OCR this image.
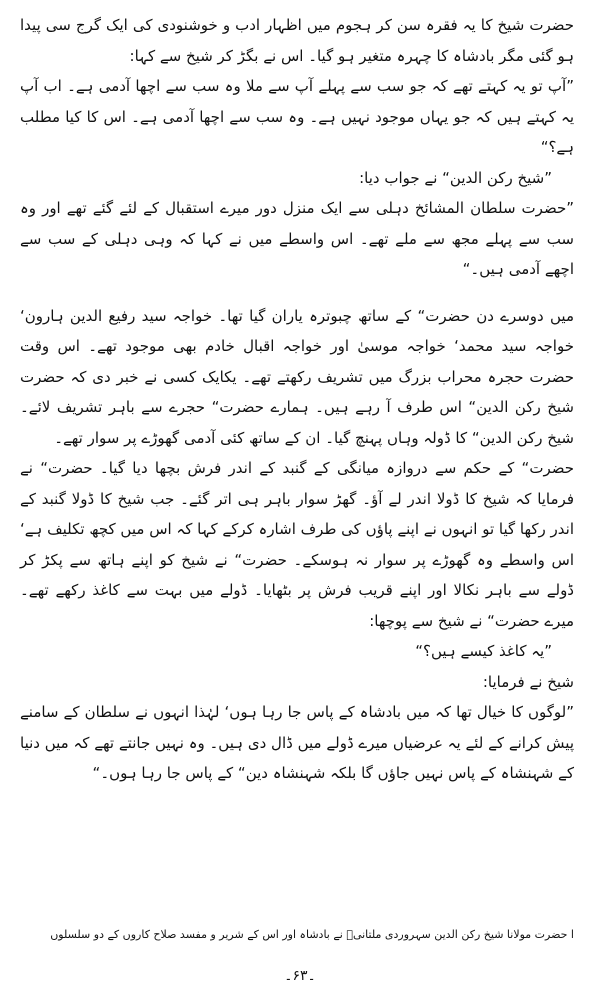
حضرت شیخ کا یہ فقرہ سن کر ہجوم میں اظہار ادب و خوشنودی کی ایک گرج سی پیدا ہو گئی مگر بادشاہ کا چہرہ متغیر ہو گیا۔ اس نے بگڑ کر شیخ سے کہا:

”آپ تو یہ کہتے تھے کہ جو سب سے پہلے آپ سے ملا وہ سب سے اچھا آدمی ہے۔ اب آپ یہ کہتے ہیں کہ جو یہاں موجود نہیں ہے۔ وہ سب سے اچھا آدمی ہے۔ اس کا کیا مطلب ہے؟“

”شیخ رکن الدین“ نے جواب دیا:

”حضرت سلطان المشائخ دہلی سے ایک منزل دور میرے استقبال کے لئے گئے تھے اور وہ سب سے پہلے مجھ سے ملے تھے۔ اس واسطے میں نے کہا کہ وہی دہلی کے سب سے اچھے آدمی ہیں۔“

میں دوسرے دن حضرت“ کے ساتھ چبوترہ یاران گیا تھا۔ خواجہ سید رفیع الدین ہارون‘ خواجہ سید محمد‘ خواجہ موسیٰ اور خواجہ اقبال خادم بھی موجود تھے۔ اس وقت حضرت حجرہ محراب بزرگ میں تشریف رکھتے تھے۔ یکایک کسی نے خبر دی کہ حضرت شیخ رکن الدین“ اس طرف آ رہے ہیں۔ ہمارے حضرت“ حجرے سے باہر تشریف لائے۔ شیخ رکن الدین“ کا ڈولہ وہاں پہنچ گیا۔ ان کے ساتھ کئی آدمی گھوڑے پر سوار تھے۔

حضرت“ کے حکم سے دروازہ میانگی کے گنبد کے اندر فرش بچھا دیا گیا۔ حضرت“ نے فرمایا کہ شیخ کا ڈولا اندر لے آؤ۔ گھڑ سوار باہر ہی اتر گئے۔ جب شیخ کا ڈولا گنبد کے اندر رکھا گیا تو انہوں نے اپنے پاؤں کی طرف اشارہ کرکے کہا کہ اس میں کچھ تکلیف ہے‘ اس واسطے وہ گھوڑے پر سوار نہ ہوسکے۔ حضرت“ نے شیخ کو اپنے ہاتھ سے پکڑ کر ڈولے سے باہر نکالا اور اپنے قریب فرش پر بٹھایا۔ ڈولے میں بہت سے کاغذ رکھے تھے۔ میرے حضرت“ نے شیخ سے پوچھا:

”یہ کاغذ کیسے ہیں؟“

شیخ نے فرمایا:

”لوگوں کا خیال تھا کہ میں بادشاہ کے پاس جا رہا ہوں‘ لہٰذا انہوں نے سلطان کے سامنے پیش کرانے کے لئے یہ عرضیاں میرے ڈولے میں ڈال دی ہیں۔ وہ نہیں جانتے تھے کہ میں دنیا کے شہنشاہ کے پاس نہیں جاؤں گا بلکہ شہنشاہ دین“ کے پاس جا رہا ہوں۔“

ا حضرت مولانا شیخ رکن الدین سہروردی ملتانیؒ نے بادشاہ اور اس کے شریر و مفسد صلاح کاروں کے دو سلسلوں
۔۶۳۔
